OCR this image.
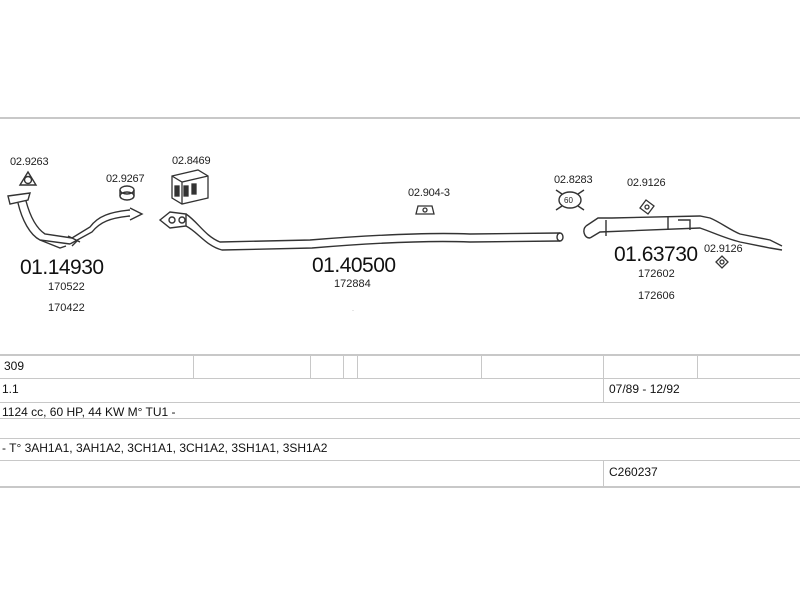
60
·
02.9263
02.9267
02.8469
02.904-3
02.8283	02.9126
02.9126
01.14930
170522
170422
01.40500
172884
01.63730
172602
172606
309
1.1	07/89 - 12/92
1124 cc, 60 HP, 44 KW M° TU1 -
- T° 3AH1A1, 3AH1A2, 3CH1A1, 3CH1A2, 3SH1A1, 3SH1A2
C260237
